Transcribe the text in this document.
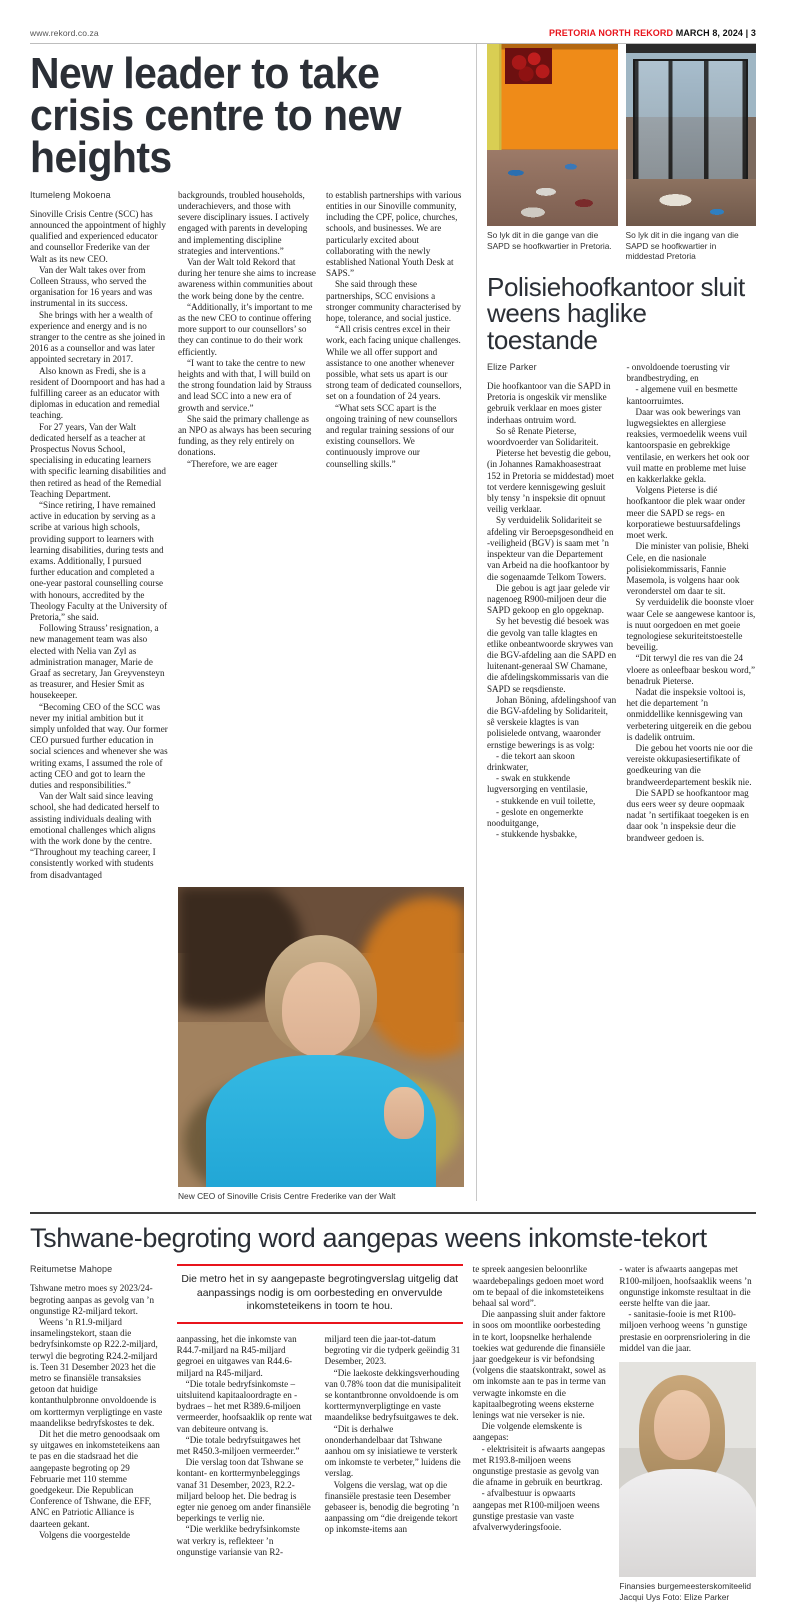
www.rekord.co.za	PRETORIA NORTH REKORD MARCH 8, 2024 | 3
New leader to take crisis centre to new heights
Itumeleng Mokoena

Sinoville Crisis Centre (SCC) has announced the appointment of highly qualified and experienced educator and counsellor Frederike van der Walt as its new CEO.

Van der Walt takes over from Colleen Strauss, who served the organisation for 16 years and was instrumental in its success.

She brings with her a wealth of experience and energy and is no stranger to the centre as she joined in 2016 as a counsellor and was later appointed secretary in 2017.

Also known as Fredi, she is a resident of Doornpoort and has had a fulfilling career as an educator with diplomas in education and remedial teaching.

For 27 years, Van der Walt dedicated herself as a teacher at Prospectus Novus School, specialising in educating learners with specific learning disabilities and then retired as head of the Remedial Teaching Department.

“Since retiring, I have remained active in education by serving as a scribe at various high schools, providing support to learners with learning disabilities, during tests and exams. Additionally, I pursued further education and completed a one-year pastoral counselling course with honours, accredited by the Theology Faculty at the University of Pretoria,” she said.

Following Strauss’ resignation, a new management team was also elected with Nelia van Zyl as administration manager, Marie de Graaf as secretary, Jan Greyvensteyn as treasurer, and Hesier Smit as housekeeper.

“Becoming CEO of the SCC was never my initial ambition but it simply unfolded that way. Our former CEO pursued further education in social sciences and whenever she was writing exams, I assumed the role of acting CEO and got to learn the duties and responsibilities.”

Van der Walt said since leaving school, she had dedicated herself to assisting individuals dealing with emotional challenges which aligns with the work done by the centre. “Throughout my teaching career, I consistently worked with students from disadvantaged

backgrounds, troubled households, underachievers, and those with severe disciplinary issues. I actively engaged with parents in developing and implementing discipline strategies and interventions.”

Van der Walt told Rekord that during her tenure she aims to increase awareness within communities about the work being done by the centre.

“Additionally, it’s important to me as the new CEO to continue offering more support to our counsellors’ so they can continue to do their work efficiently.

“I want to take the centre to new heights and with that, I will build on the strong foundation laid by Strauss and lead SCC into a new era of growth and service.”

She said the primary challenge as an NPO as always has been securing funding, as they rely entirely on donations.

“Therefore, we are eager

to establish partnerships with various entities in our Sinoville community, including the CPF, police, churches, schools, and businesses. We are particularly excited about collaborating with the newly established National Youth Desk at SAPS.”

She said through these partnerships, SCC envisions a stronger community characterised by hope, tolerance, and social justice.

“All crisis centres excel in their work, each facing unique challenges. While we all offer support and assistance to one another whenever possible, what sets us apart is our strong team of dedicated counsellors, set on a foundation of 24 years.

“What sets SCC apart is the ongoing training of new counsellors and regular training sessions of our existing counsellors. We continuously improve our counselling skills.”

New CEO of Sinoville Crisis Centre Frederike van der Walt
So lyk dit in die gange van die SAPD se hoofkwartier in Pretoria.
So lyk dit in die ingang van die SAPD se hoofkwartier in middestad Pretoria
Polisiehoofkantoor sluit weens haglike toestande
Elize Parker

Die hoofkantoor van die SAPD in Pretoria is ongeskik vir menslike gebruik verklaar en moes gister inderhaas ontruim word.

So sê Renate Pieterse, woordvoerder van Solidariteit.

Pieterse het bevestig die gebou, (in Johannes Ramakhoasestraat 152 in Pretoria se middestad) moet tot verdere kennisgewing gesluit bly tensy ’n inspeksie dit opnuut veilig verklaar.

Sy verduidelik Solidariteit se afdeling vir Beroepsgesondheid en -veiligheid (BGV) is saam met ’n inspekteur van die Departement van Arbeid na die hoofkantoor by die sogenaamde Telkom Towers.

Die gebou is agt jaar gelede vir nagenoeg R900-miljoen deur die SAPD gekoop en glo opgeknap.

Sy het bevestig dié besoek was die gevolg van talle klagtes en etlike onbeantwoorde skrywes van die BGV-afdeling aan die SAPD en luitenant-generaal SW Chamane, die afdelingskommissaris van die SAPD se reqsdienste.

Johan Böning, afdelingshoof van die BGV-afdeling by Solidariteit, sê verskeie klagtes is van polisielede ontvang, waaronder ernstige bewerings is as volg:

- die tekort aan skoon drinkwater,

- swak en stukkende lugversorging en ventilasie,

- stukkende en vuil toilette,

- geslote en ongemerkte nooduitgange,

- stukkende hysbakke,

- onvoldoende toerusting vir brandbestryding, en

- algemene vuil en besmette kantoorruimtes.

Daar was ook bewerings van lugwegsiektes en allergiese reaksies, vermoedelik weens vuil kantoorspasie en gebrekkige ventilasie, en werkers het ook oor vuil matte en probleme met luise en kakkerlakke gekla.

Volgens Pieterse is dié hoofkantoor die plek waar onder meer die SAPD se regs- en korporatiewe bestuursafdelings moet werk.

Die minister van polisie, Bheki Cele, en die nasionale polisiekommissaris, Fannie Masemola, is volgens haar ook veronderstel om daar te sit.

Sy verduidelik die boonste vloer waar Cele se aangewese kantoor is, is nuut oorgedoen en met goeie tegnologiese sekuriteitstoestelle beveilig.

“Dit terwyl die res van die 24 vloere as onleefbaar beskou word,” benadruk Pieterse.

Nadat die inspeksie voltooi is, het die departement ’n onmiddellike kennisgewing van verbetering uitgereik en die gebou is dadelik ontruim.

Die gebou het voorts nie oor die vereiste okkupasiesertifikate of goedkeuring van die brandweerdepartement beskik nie.

Die SAPD se hoofkantoor mag dus eers weer sy deure oopmaak nadat ’n sertifikaat toegeken is en daar ook ’n inspeksie deur die brandweer gedoen is.

Tshwane-begroting word aangepas weens inkomste-tekort
Reitumetse Mahope

Tshwane metro moes sy 2023/24-begroting aanpas as gevolg van ’n ongunstige R2-miljard tekort.

Weens ’n R1.9-miljard insamelingstekort, staan die bedryfsinkomste op R22.2-miljard, terwyl die begroting R24.2-miljard is. Teen 31 Desember 2023 het die metro se finansiële transaksies getoon dat huidige kontanthulpbronne onvoldoende is om korttermyn verpligtinge en vaste maandelikse bedryfskostes te dek.

Dit het die metro genoodsaak om sy uitgawes en inkomsteteikens aan te pas en die stadsraad het die aangepaste begroting op 29 Februarie met 110 stemme goedgekeur. Die Republican Conference of Tshwane, die EFF, ANC en Patriotic Alliance is daarteen gekant.

Volgens die voorgestelde

Die metro het in sy aangepaste begrotingverslag uitgelig dat aanpassings nodig is om oorbesteding en onvervulde inkomsteteikens in toom te hou.

aanpassing, het die inkomste van R44.7-miljard na R45-miljard gegroei en uitgawes van R44.6-miljard na R45-miljard.

“Die totale bedryfsinkomste – uitsluitend kapitaaloordragte en -bydraes – het met R389.6-miljoen vermeerder, hoofsaaklik op rente wat van debiteure ontvang is.

“Die totale bedryfsuitgawes het met R450.3-miljoen vermeerder.”

Die verslag toon dat Tshwane se kontant- en korttermynbeleggings vanaf 31 Desember, 2023, R2.2-miljard beloop het. Die bedrag is egter nie genoeg om ander finansiële beperkings te verlig nie.

“Die werklike bedryfsinkomste wat verkry is, reflekteer ’n ongunstige variansie van R2-

miljard teen die jaar-tot-datum begroting vir die tydperk geëindig 31 Desember, 2023.

“Die laekoste dekkingsverhouding van 0.78% toon dat die munisipaliteit se kontantbronne onvoldoende is om korttermynverpligtinge en vaste maandelikse bedryfsuitgawes te dek.

“Dit is derhalwe ononderhandelbaar dat Tshwane aanhou om sy inisiatiewe te versterk om inkomste te verbeter,” luidens die verslag.

Volgens die verslag, wat op die finansiële prestasie teen Desember gebaseer is, benodig die begroting ’n aanpassing om “die dreigende tekort op inkomste-items aan

te spreek aangesien beloonrlike waardebepalings gedoen moet word om te bepaal of die inkomsteteikens behaal sal word”.

Die aanpassing sluit ander faktore in soos om moontlike oorbesteding in te kort, loopsnelke herhalende toekies wat gedurende die finansiële jaar goedgekeur is vir befondsing (volgens die staatskontrakt, sowel as om inkomste aan te pas in terme van verwagte inkomste en die kapitaalbegroting weens eksterne lenings wat nie verseker is nie.

Die volgende elemskente is aangepas:

- elektrisiteit is afwaarts aangepas met R193.8-miljoen weens ongunstige prestasie as gevolg van die afname in gebruik en beurtkrag.

- afvalbestuur is opwaarts aangepas met R100-miljoen weens gunstige prestasie van vaste afvalverwyderingsfooie.

- water is afwaarts aangepas met R100-miljoen, hoofsaaklik weens ’n ongunstige inkomste resultaat in die eerste helfte van die jaar.

- sanitasie-fooie is met R100-miljoen verhoog weens ’n gunstige prestasie en oorprensriolering in die middel van die jaar.

Finansies burgemeesterskomiteelid
Jacqui Uys Foto: Elize Parker
